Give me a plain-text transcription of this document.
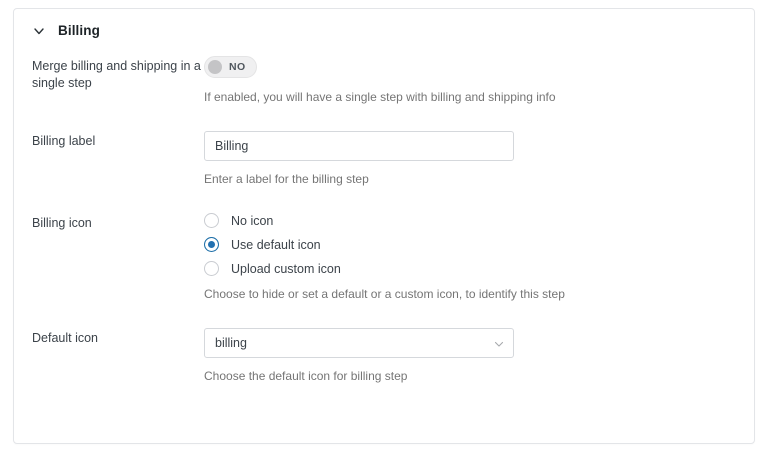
Billing
Merge billing and shipping in a single step
NO
If enabled, you will have a single step with billing and shipping info
Billing label
Billing
Enter a label for the billing step
Billing icon	No icon
Use default icon
Upload custom icon
Choose to hide or set a default or a custom icon, to identify this step
Default icon	billing
Choose the default icon for billing step
